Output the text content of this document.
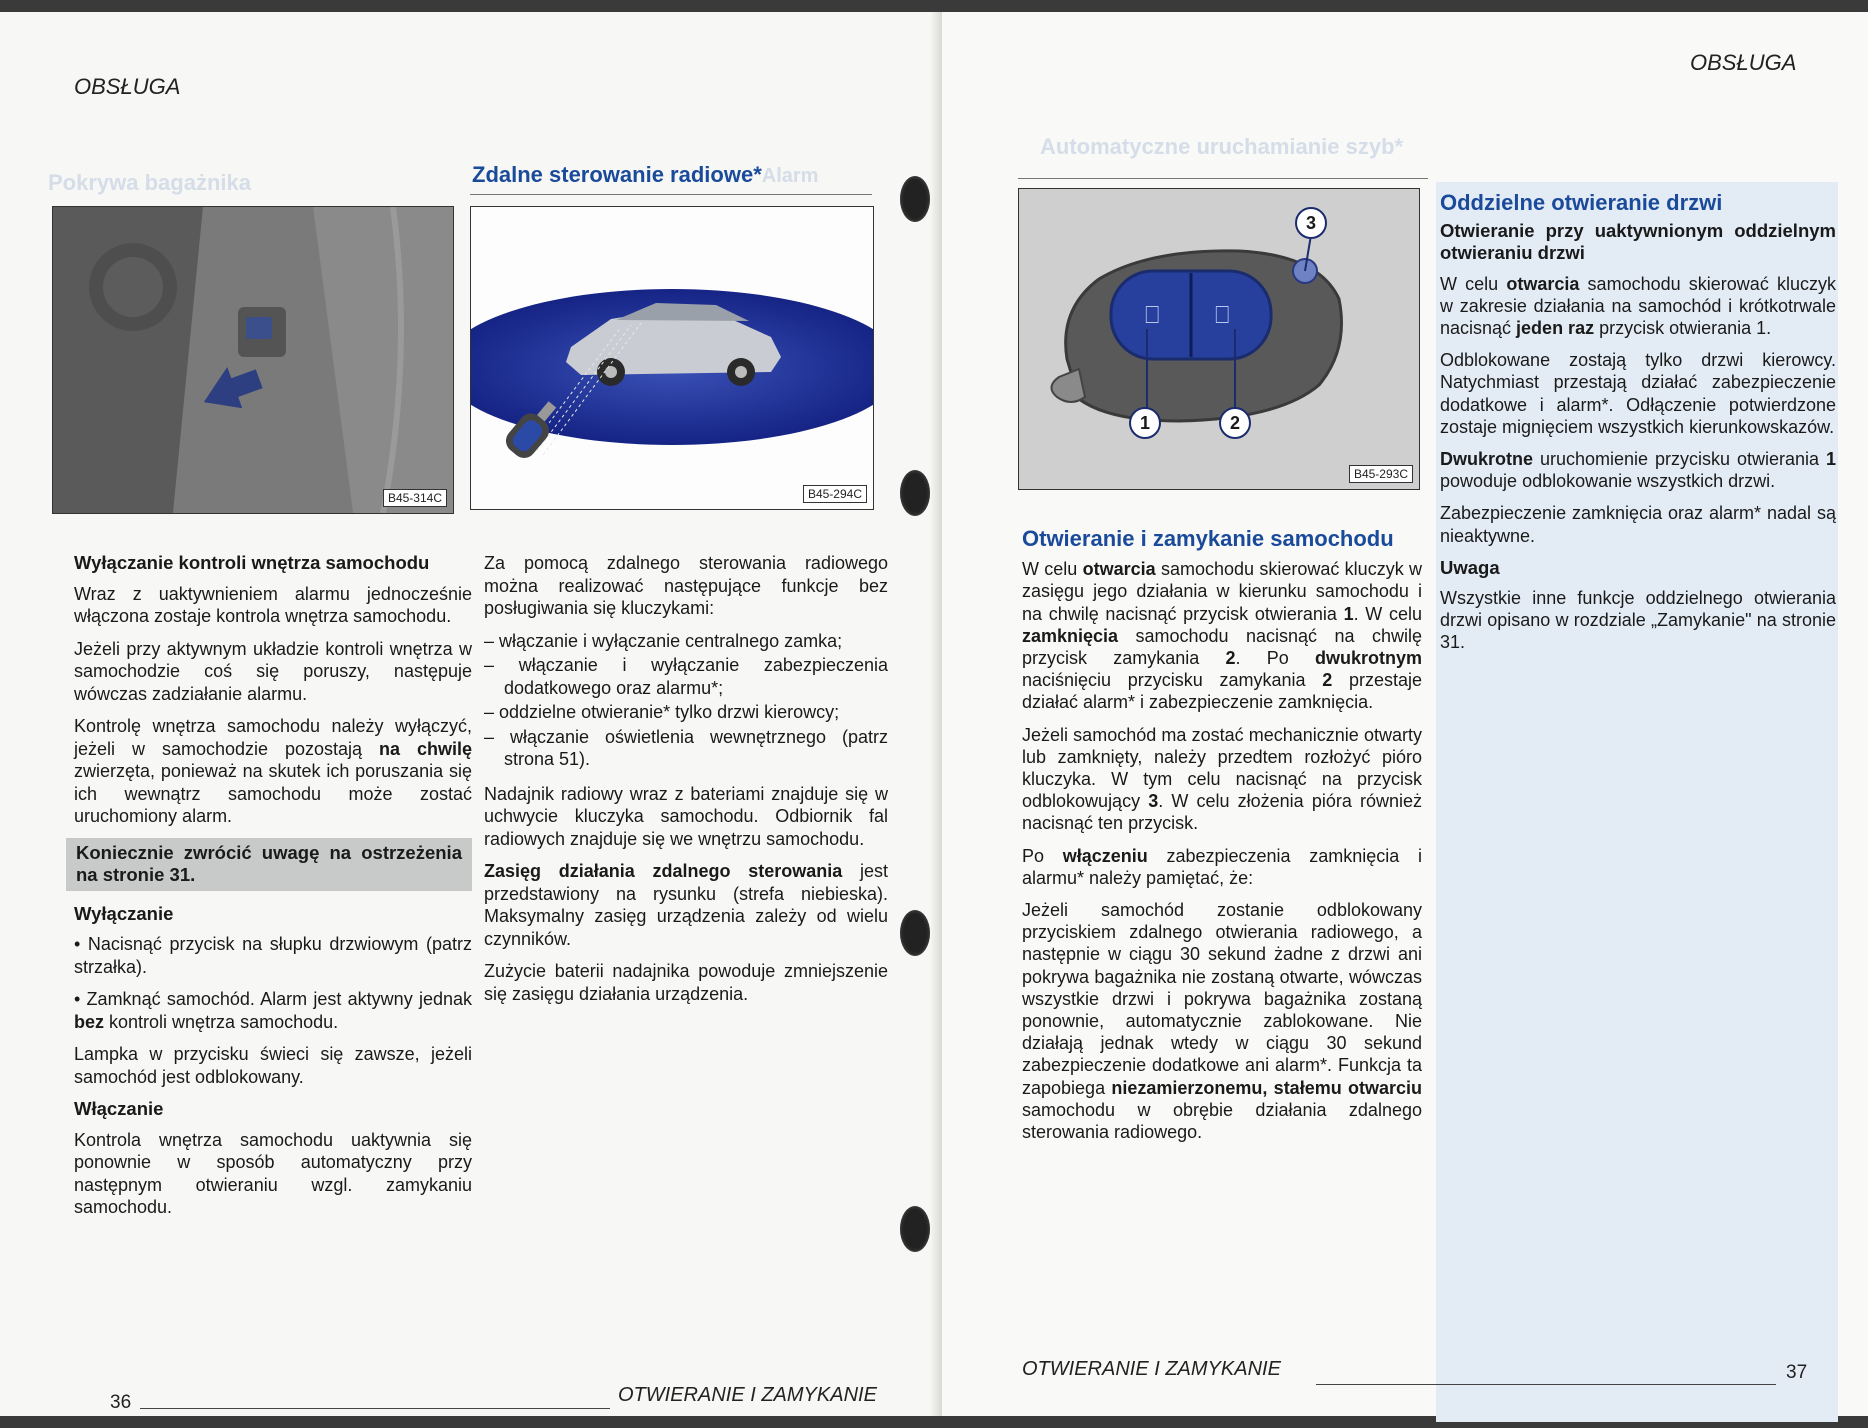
OBSŁUGA
Pokrywa bagażnika	Zdalne sterowanie radiowe*Alarm
B45-314C	B45-294C
Wyłączanie kontroli wnętrza samochodu

Wraz z uaktywnieniem alarmu jednocześnie włączona zostaje kontrola wnętrza samochodu.

Jeżeli przy aktywnym układzie kontroli wnętrza w samochodzie coś się poruszy, następuje wówczas zadziałanie alarmu.

Kontrolę wnętrza samochodu należy wyłączyć, jeżeli w samochodzie pozostają na chwilę zwierzęta, ponieważ na skutek ich poruszania się ich wewnątrz samochodu może zostać uruchomiony alarm.

Koniecznie zwrócić uwagę na ostrzeżenia na stronie 31.
Wyłączanie

• Nacisnąć przycisk na słupku drzwiowym (patrz strzałka).

• Zamknąć samochód. Alarm jest aktywny jednak bez kontroli wnętrza samochodu.

Lampka w przycisku świeci się zawsze, jeżeli samochód jest odblokowany.

Włączanie

Kontrola wnętrza samochodu uaktywnia się ponownie w sposób automatyczny przy następnym otwieraniu wzgl. zamykaniu samochodu.

Za pomocą zdalnego sterowania radiowego można realizować następujące funkcje bez posługiwania się kluczykami:

– włączanie i wyłączanie centralnego zamka;
– włączanie i wyłączanie zabezpieczenia dodatkowego oraz alarmu*;
– oddzielne otwieranie* tylko drzwi kierowcy;
– włączanie oświetlenia wewnętrznego (patrz strona 51).

Nadajnik radiowy wraz z bateriami znajduje się w uchwycie kluczyka samochodu. Odbiornik fal radiowych znajduje się we wnętrzu samochodu.

Zasięg działania zdalnego sterowania jest przedstawiony na rysunku (strefa niebieska). Maksymalny zasięg urządzenia zależy od wielu czynników.

Zużycie baterii nadajnika powoduje zmniejszenie się zasięgu działania urządzenia.

36	OTWIERANIE I ZAMYKANIE
OBSŁUGA
Automatyczne uruchamianie szyb*
⎕ ⎕
1	2
3
B45-293C
Otwieranie i zamykanie samochodu

W celu otwarcia samochodu skierować kluczyk w zasięgu jego działania w kierunku samochodu i na chwilę nacisnąć przycisk otwierania 1. W celu zamknięcia samochodu nacisnąć na chwilę przycisk zamykania 2. Po dwukrotnym naciśnięciu przycisku zamykania 2 przestaje działać alarm* i zabezpieczenie zamknięcia.

Jeżeli samochód ma zostać mechanicznie otwarty lub zamknięty, należy przedtem rozłożyć pióro kluczyka. W tym celu nacisnąć na przycisk odblokowujący 3. W celu złożenia pióra również nacisnąć ten przycisk.

Po włączeniu zabezpieczenia zamknięcia i alarmu* należy pamiętać, że:

Jeżeli samochód zostanie odblokowany przyciskiem zdalnego otwierania radiowego, a następnie w ciągu 30 sekund żadne z drzwi ani pokrywa bagażnika nie zostaną otwarte, wówczas wszystkie drzwi i pokrywa bagażnika zostaną ponownie, automatycznie zablokowane. Nie działają jednak wtedy w ciągu 30 sekund zabezpieczenie dodatkowe ani alarm*. Funkcja ta zapobiega niezamierzonemu, stałemu otwarciu samochodu w obrębie działania zdalnego sterowania radiowego.

Oddzielne otwieranie drzwi
Otwieranie przy uaktywnionym oddzielnym otwieraniu drzwi

W celu otwarcia samochodu skierować kluczyk w zakresie działania na samochód i krótkotrwale nacisnąć jeden raz przycisk otwierania 1.

Odblokowane zostają tylko drzwi kierowcy. Natychmiast przestają działać zabezpieczenie dodatkowe i alarm*. Odłączenie potwierdzone zostaje mignięciem wszystkich kierunkowskazów.

Dwukrotne uruchomienie przycisku otwierania 1 powoduje odblokowanie wszystkich drzwi.

Zabezpieczenie zamknięcia oraz alarm* nadal są nieaktywne.

Uwaga

Wszystkie inne funkcje oddzielnego otwierania drzwi opisano w rozdziale „Zamykanie" na stronie 31.

OTWIERANIE I ZAMYKANIE	37
